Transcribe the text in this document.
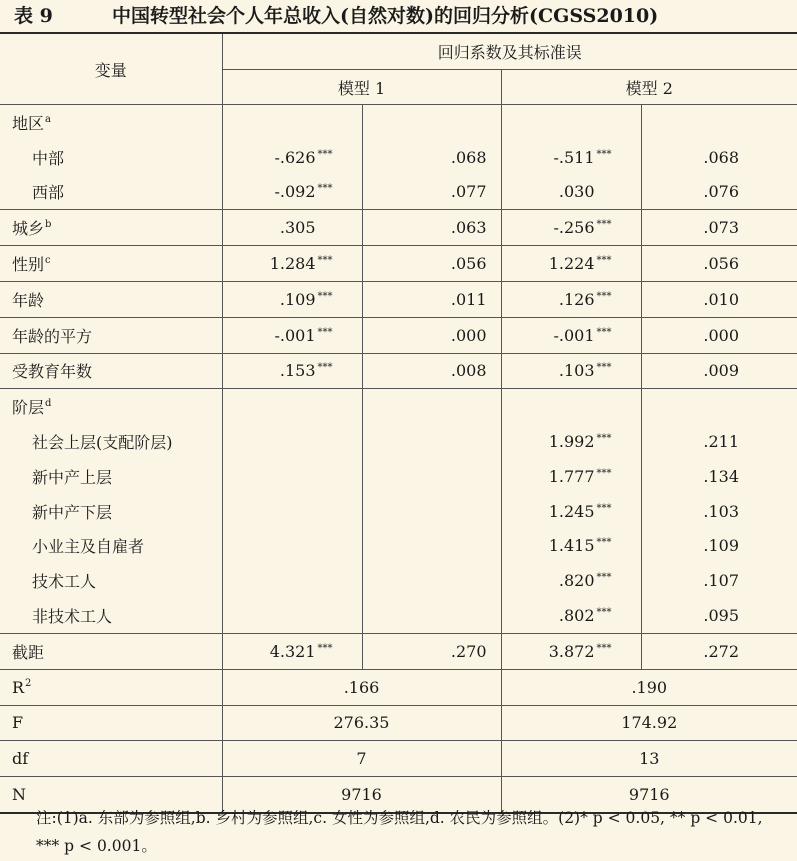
表 9	中国转型社会个人年总收入(自然对数)的回归分析(CGSS2010)
变量	回归系数及其标准误			
	模型 1		模型 2	
地区$^a$				
中部	-.626 ***	.068	-.511 ***	.068
西部	-.092 ***	.077	.030	.076
城乡$^b$	.305	.063	-.256 ***	.073
性别$^c$	1.284 ***	.056	1.224 ***	.056
年龄	.109 ***	.011	.126 ***	.010
年龄的平方	-.001 ***	.000	-.001 ***	.000
受教育年数	.153 ***	.008	.103 ***	.009
阶层$^d$				
社会上层(支配阶层)			1.992 ***	.211
新中产上层			1.777 ***	.134
新中产下层			1.245 ***	.103
小业主及自雇者			1.415 ***	.109
技术工人			.820 ***	.107
非技术工人			.802 ***	.095
截距	4.321 ***	.270	3.872 ***	.272
$R^2$	.166		.190	
F	276.35		174.92	
df	7		13	
N	9716		9716	
注:(1)a. 东部为参照组,b. 乡村为参照组,c. 女性为参照组,d. 农民为参照组。(2)* p < 0.05, ** p < 0.01, *** p < 0.001。
